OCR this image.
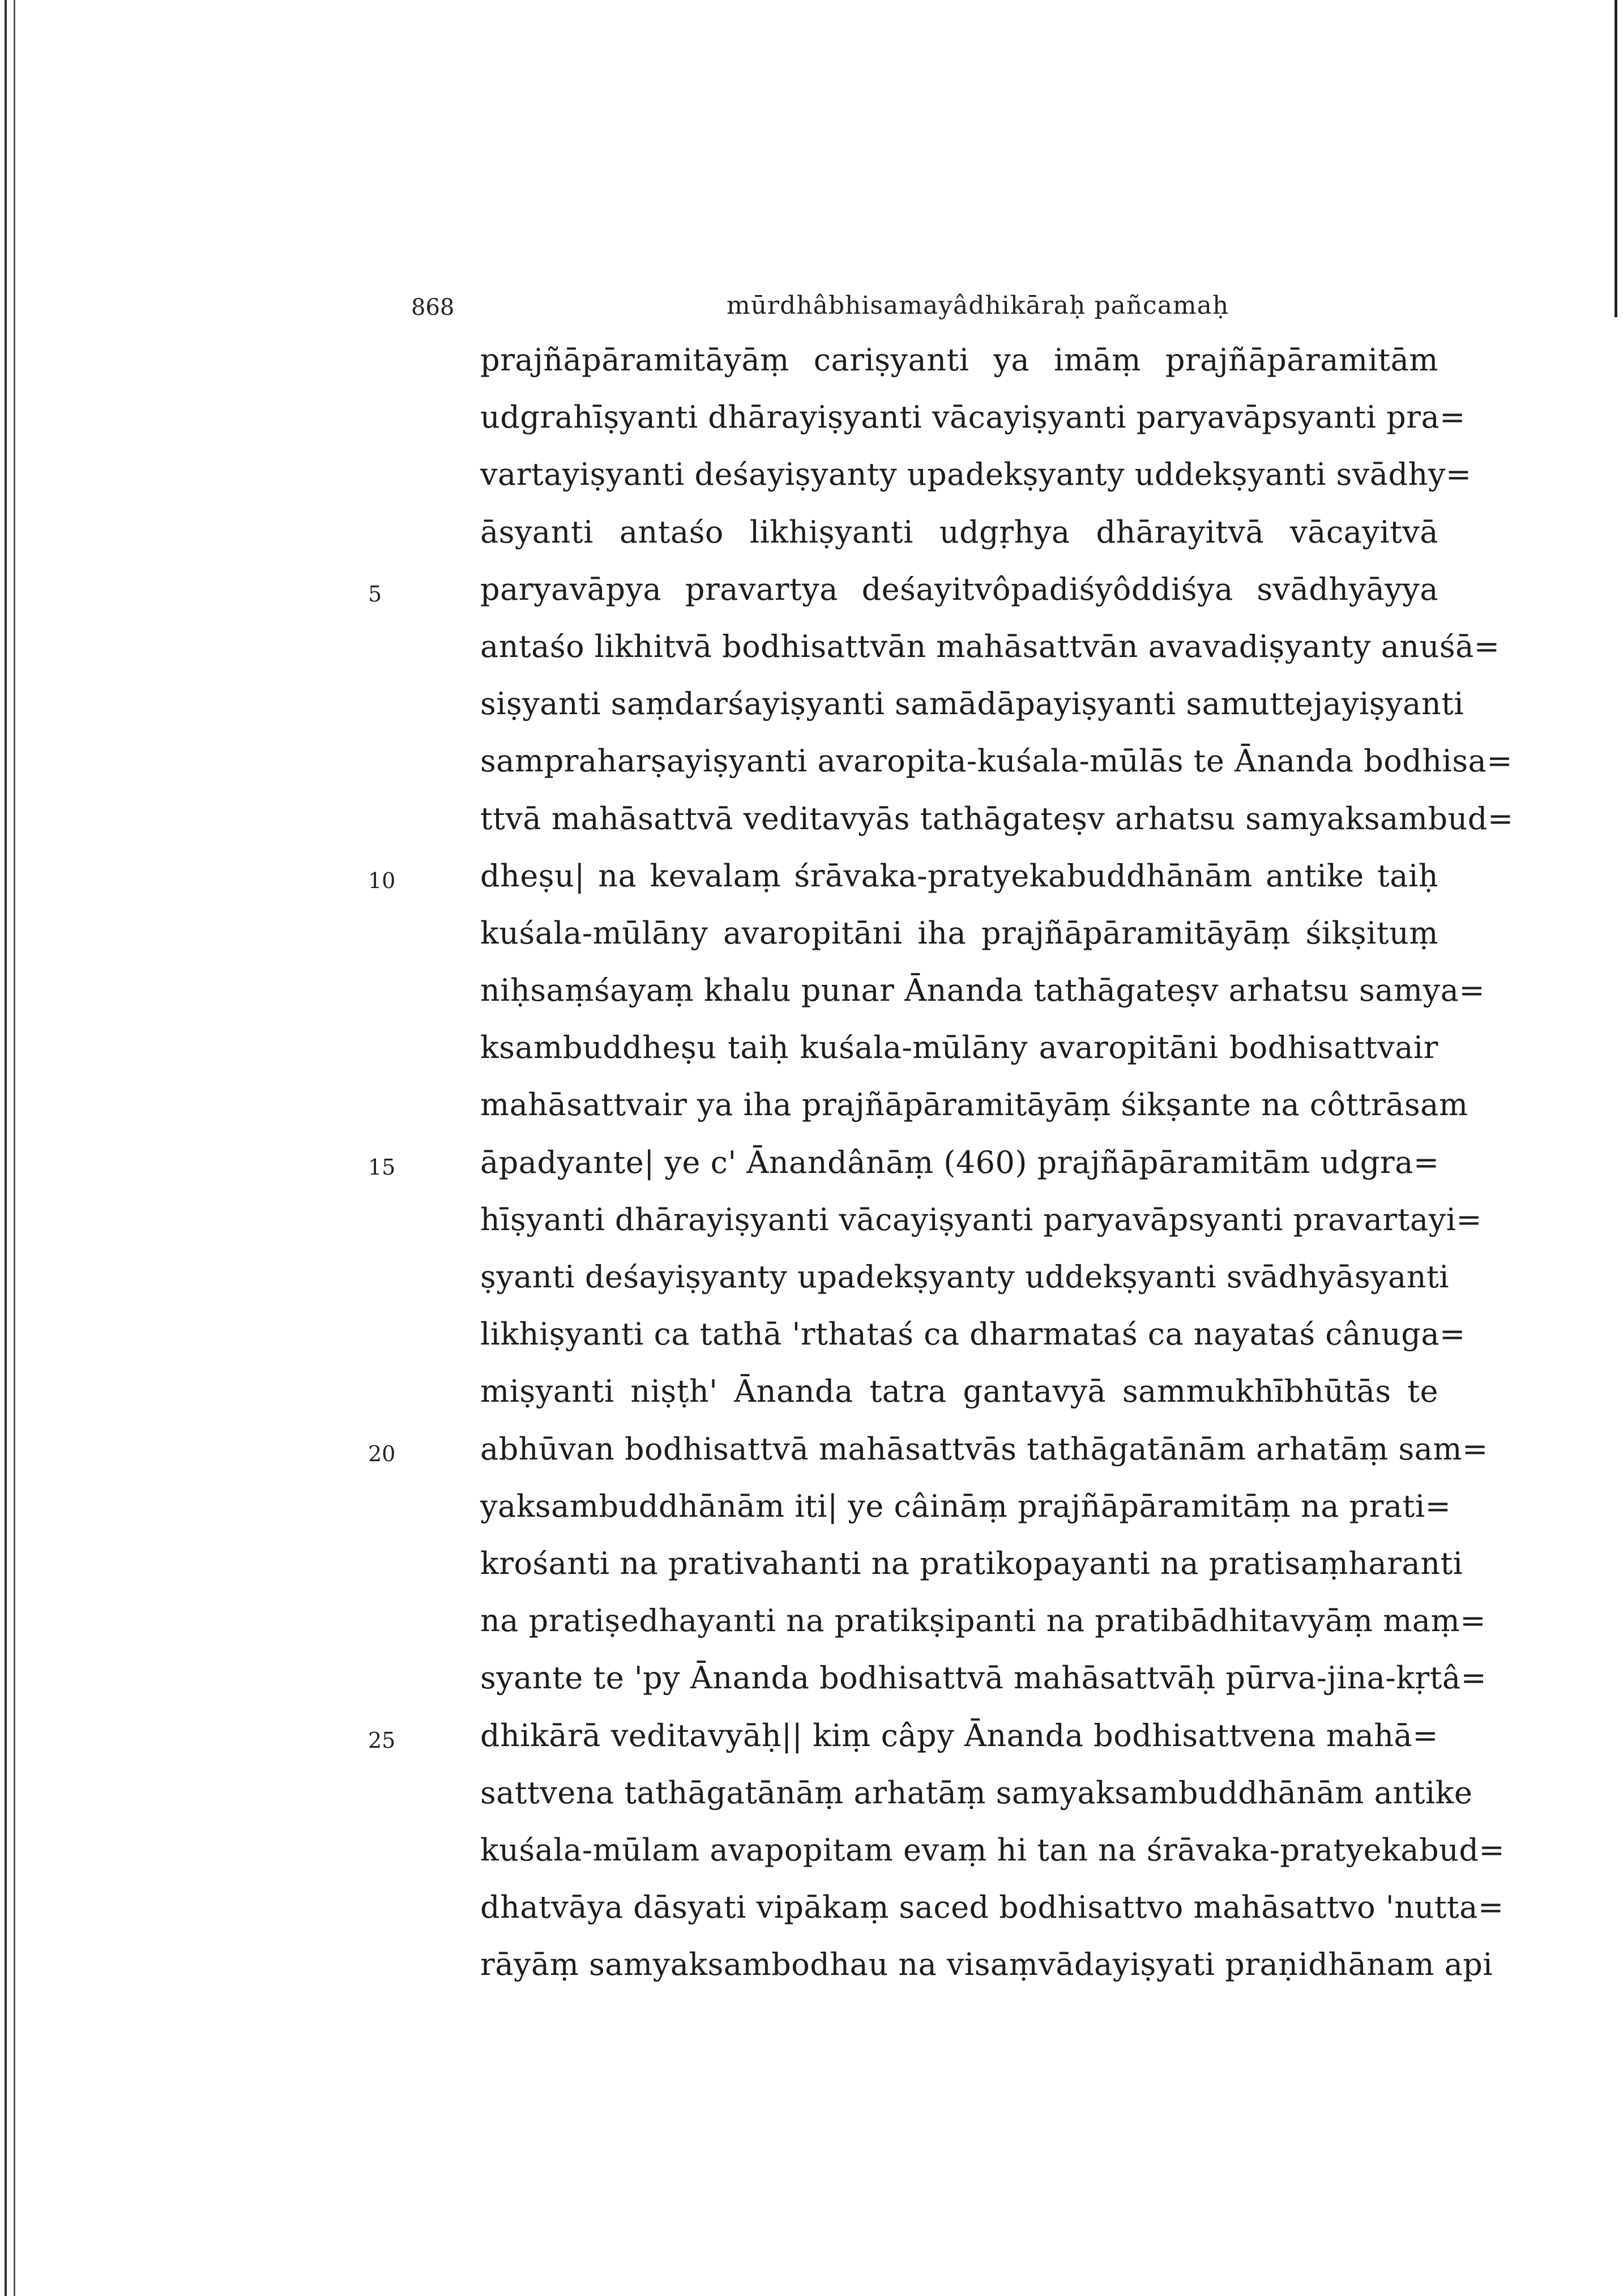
868	mūrdhâbhisamayâdhikāraḥ pañcamaḥ
5
10
15
20
25
prajñāpāramitāyāṃ cariṣyanti ya imāṃ prajñāpāramitām
udgrahīṣyanti dhārayiṣyanti vācayiṣyanti paryavāpsyanti pra=
vartayiṣyanti deśayiṣyanty upadekṣyanty uddekṣyanti svādhy=
āsyanti antaśo likhiṣyanti udgṛhya dhārayitvā vācayitvā
paryavāpya pravartya deśayitvôpadiśyôddiśya svādhyāyya
antaśo likhitvā bodhisattvān mahāsattvān avavadiṣyanty anuśā=
siṣyanti saṃdarśayiṣyanti samādāpayiṣyanti samuttejayiṣyanti
sampraharṣayiṣyanti avaropita-kuśala-mūlās te Ānanda bodhisa=
ttvā mahāsattvā veditavyās tathāgateṣv arhatsu samyaksambud=
dheṣu| na kevalaṃ śrāvaka-pratyekabuddhānām antike taiḥ
kuśala-mūlāny avaropitāni iha prajñāpāramitāyāṃ śikṣituṃ
niḥsaṃśayaṃ khalu punar Ānanda tathāgateṣv arhatsu samya=
ksambuddheṣu taiḥ kuśala-mūlāny avaropitāni bodhisattvair
mahāsattvair ya iha prajñāpāramitāyāṃ śikṣante na côttrāsam
āpadyante| ye c' Ānandânāṃ (460) prajñāpāramitām udgra=
hīṣyanti dhārayiṣyanti vācayiṣyanti paryavāpsyanti pravartayi=
ṣyanti deśayiṣyanty upadekṣyanty uddekṣyanti svādhyāsyanti
likhiṣyanti ca tathā 'rthataś ca dharmataś ca nayataś cânuga=
miṣyanti niṣṭh' Ānanda tatra gantavyā sammukhībhūtās te
abhūvan bodhisattvā mahāsattvās tathāgatānām arhatāṃ sam=
yaksambuddhānām iti| ye câināṃ prajñāpāramitāṃ na prati=
krośanti na prativahanti na pratikopayanti na pratisaṃharanti
na pratiṣedhayanti na pratikṣipanti na pratibādhitavyāṃ maṃ=
syante te 'py Ānanda bodhisattvā mahāsattvāḥ pūrva-jina-kṛtâ=
dhikārā veditavyāḥ|| kiṃ câpy Ānanda bodhisattvena mahā=
sattvena tathāgatānāṃ arhatāṃ samyaksambuddhānām antike
kuśala-mūlam avapopitam evaṃ hi tan na śrāvaka-pratyekabud=
dhatvāya dāsyati vipākaṃ saced bodhisattvo mahāsattvo 'nutta=
rāyāṃ samyaksambodhau na visaṃvādayiṣyati praṇidhānam api
